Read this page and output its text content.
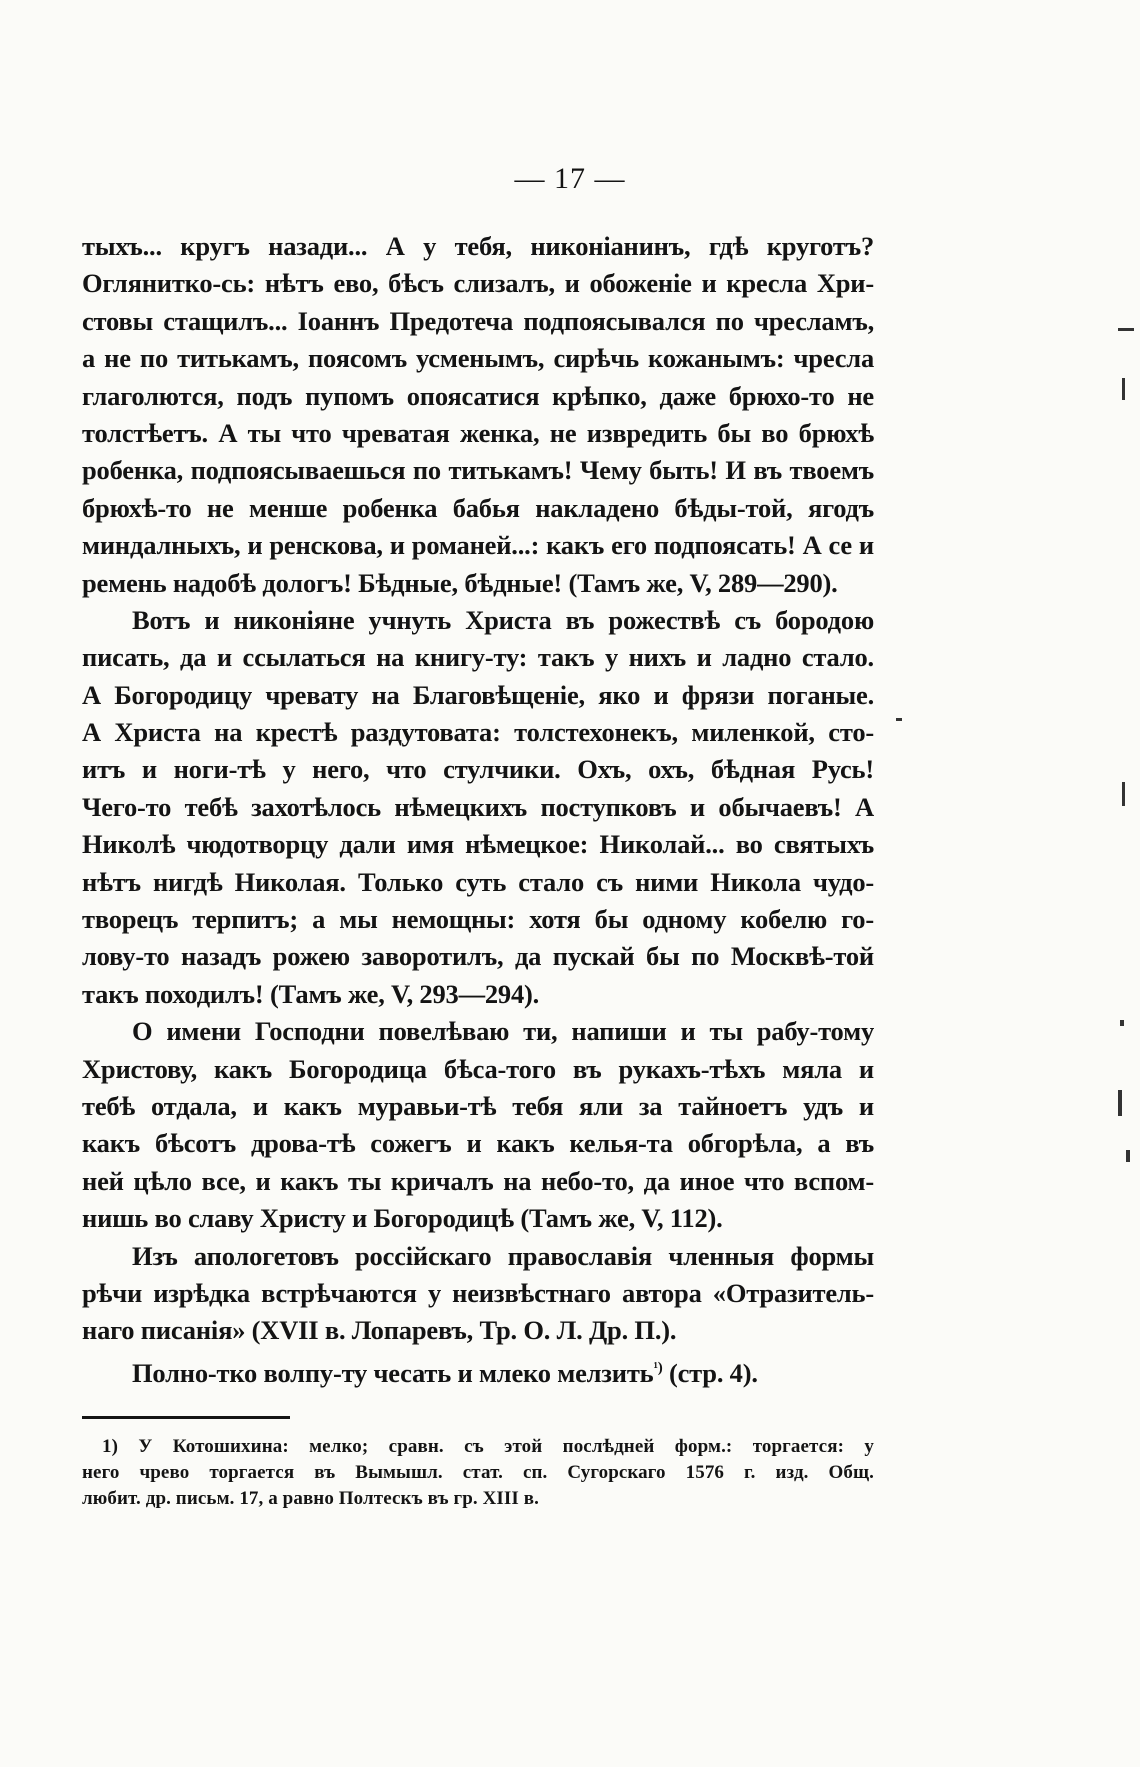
— 17 —
тыхъ... кругъ назади... А у тебя, никоніанинъ, гдѣ круготъ?
Оглянитко-сь: нѣтъ ево, бѣсъ слизалъ, и обоженіе и кресла Хри-
стовы стащилъ... Іоаннъ Предотеча подпоясывался по чресламъ,
а не по титькамъ, поясомъ усменымъ, сирѣчь кожанымъ: чресла
глаголются, подъ пупомъ опоясатися крѣпко, даже брюхо-то не
толстѣетъ. А ты что чреватая женка, не извредить бы во брюхѣ
робенка, подпоясываешься по титькамъ! Чему быть! И въ твоемъ
брюхѣ-то не менше робенка бабья накладено бѣды-той, ягодъ
миндалныхъ, и ренскова, и романей...: какъ его подпоясать! А се и
ремень надобѣ дологъ! Бѣдные, бѣдные! (Тамъ же, V, 289—290).
Вотъ и никоніяне учнуть Христа въ рожествѣ съ бородою
писать, да и ссылаться на книгу-ту: такъ у нихъ и ладно стало.
А Богородицу чревату на Благовѣщеніе, яко и фрязи поганые.
А Христа на крестѣ раздутовата: толстехонекъ, миленкой, сто-
итъ и ноги-тѣ у него, что стулчики. Охъ, охъ, бѣдная Русь!
Чего-то тебѣ захотѣлось нѣмецкихъ поступковъ и обычаевъ! А
Николѣ чюдотворцу дали имя нѣмецкое: Николай... во святыхъ
нѣтъ нигдѣ Николая. Только суть стало съ ними Никола чудо-
творецъ терпитъ; а мы немощны: хотя бы одному кобелю го-
лову-то назадъ рожею заворотилъ, да пускай бы по Москвѣ-той
такъ походилъ! (Тамъ же, V, 293—294).
О имени Господни повелѣваю ти, напиши и ты рабу-тому
Христову, какъ Богородица бѣса-того въ рукахъ-тѣхъ мяла и
тебѣ отдала, и какъ муравьи-тѣ тебя яли за тайноетъ удъ и
какъ бѣсотъ дрова-тѣ сожегъ и какъ келья-та обгорѣла, а въ
ней цѣло все, и какъ ты кричалъ на небо-то, да иное что вспом-
нишь во славу Христу и Богородицѣ (Тамъ же, V, 112).
Изъ апологетовъ россійскаго православія членныя формы
рѣчи изрѣдка встрѣчаются у неизвѣстнаго автора «Отразитель-
наго писанія» (XVII в. Лопаревъ, Тр. О. Л. Др. П.).
Полно-тко волпу-ту чесать и млеко мелзить$^{^1)}$ (стр. 4).
1) У Котошихина: мелко; сравн. съ этой послѣдней форм.: торгается: у
него чрево торгается въ Вымышл. стат. сп. Сугорскаго 1576 г. изд. Общ.
любит. др. письм. 17, а равно Полтескъ въ гр. XIII в.
